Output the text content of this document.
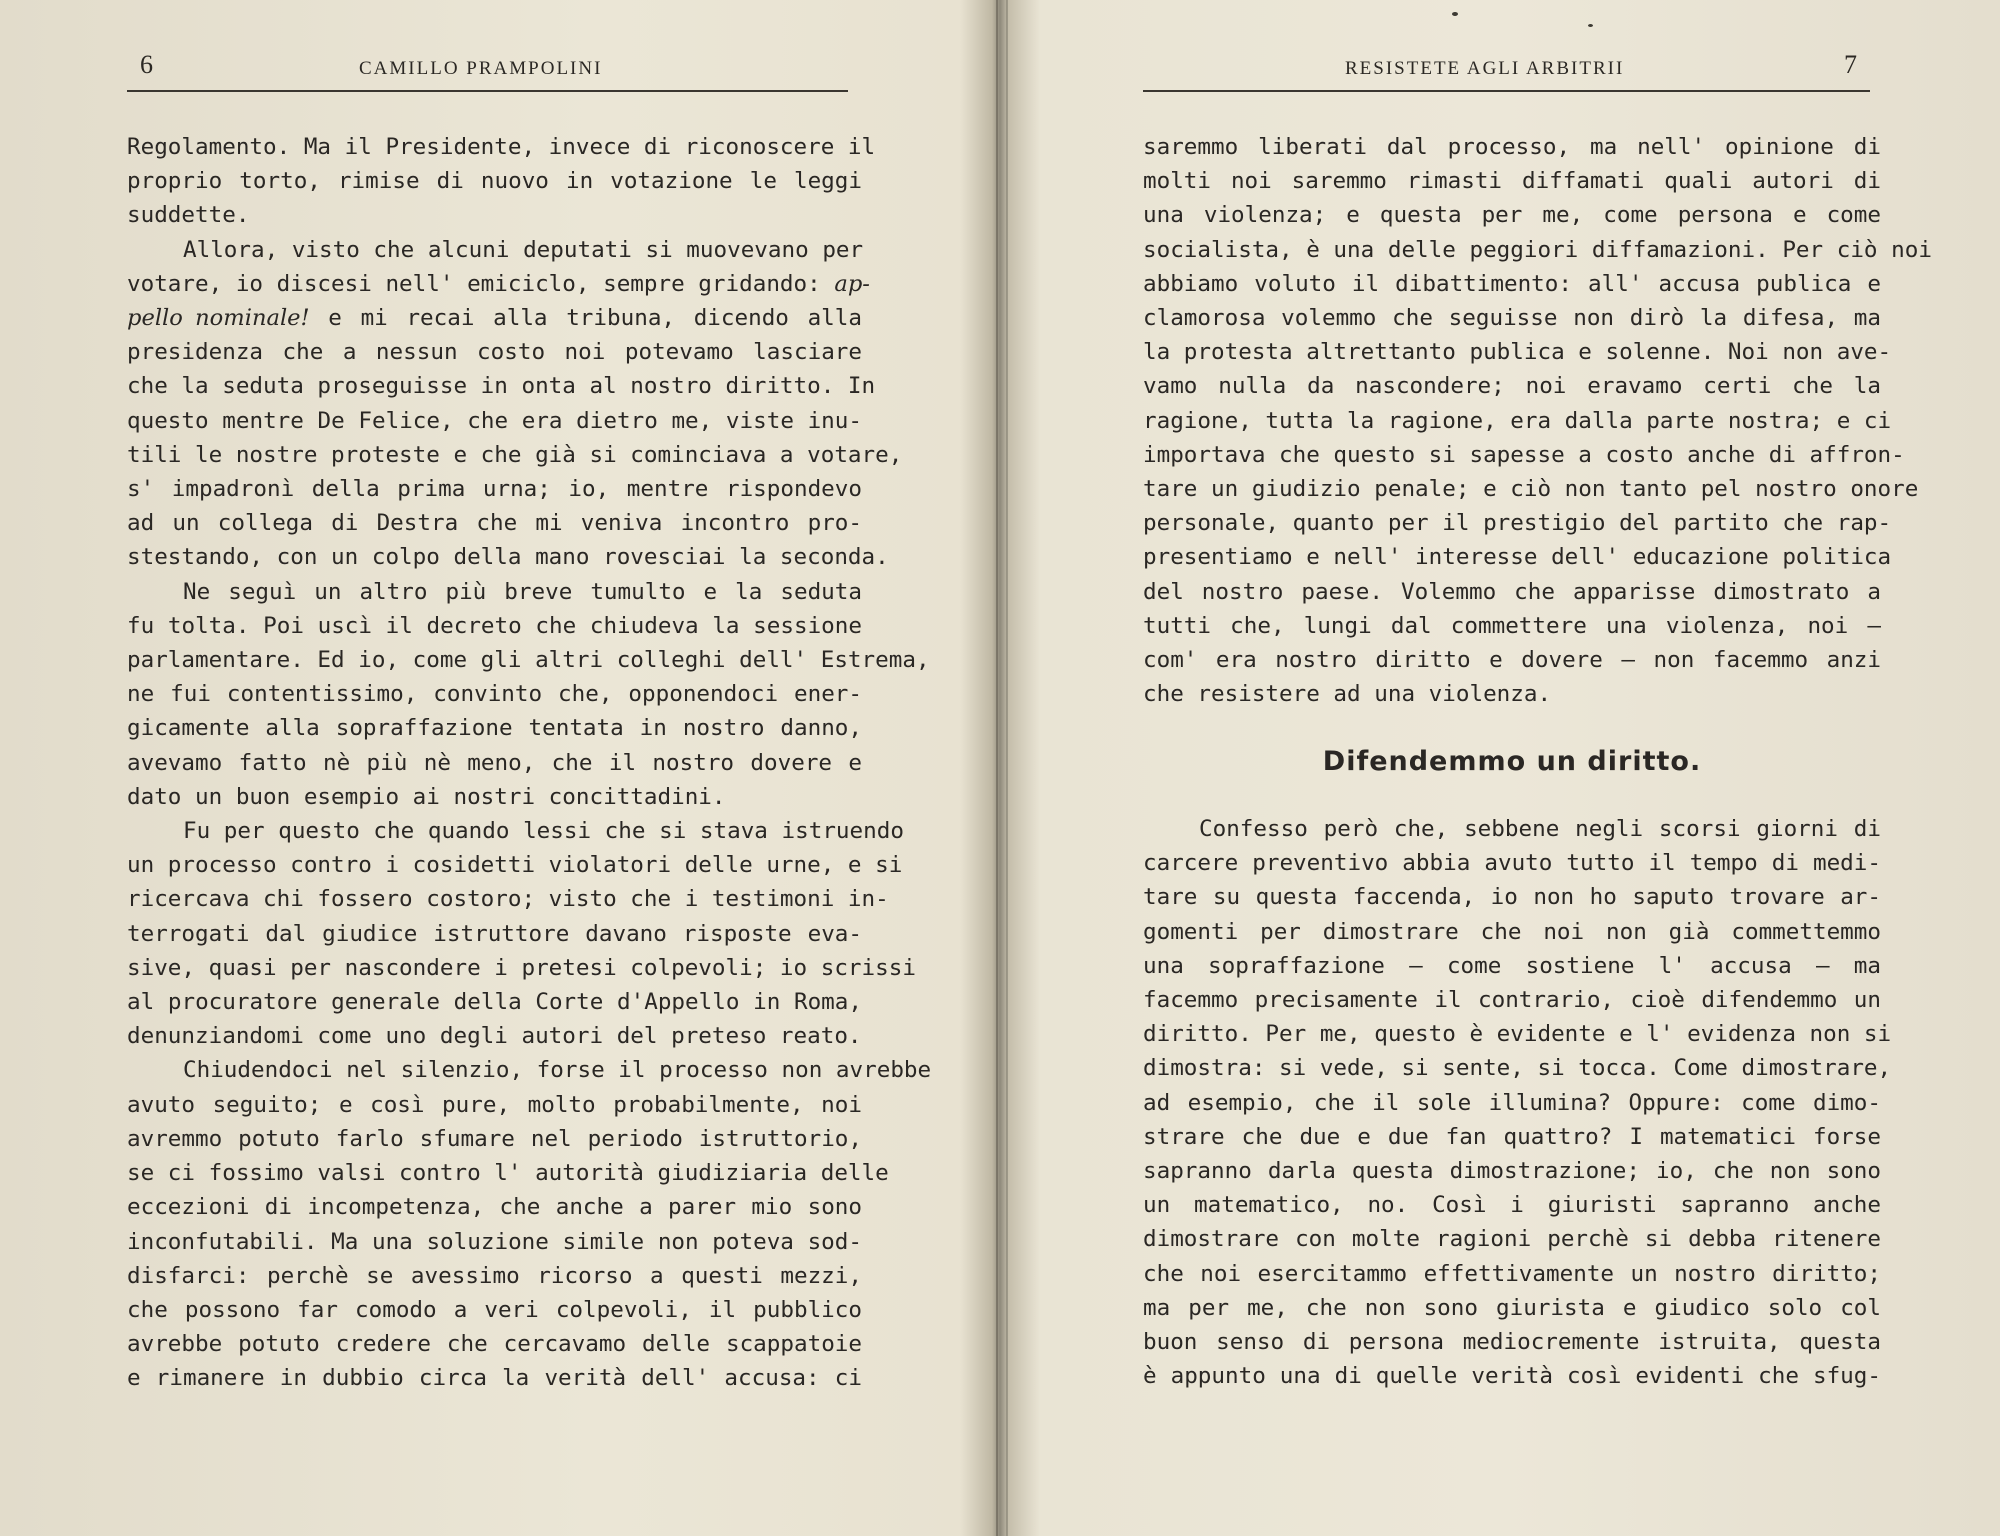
6	CAMILLO PRAMPOLINI

Regolamento. Ma il Presidente, invece di riconoscere il

proprio torto, rimise di nuovo in votazione le leggi

suddette.

Allora, visto che alcuni deputati si muovevano per

votare, io discesi nell' emiciclo, sempre gridando: ap-

pello nominale! e mi recai alla tribuna, dicendo alla

presidenza che a nessun costo noi potevamo lasciare

che la seduta proseguisse in onta al nostro diritto. In

questo mentre De Felice, che era dietro me, viste inu-

tili le nostre proteste e che già si cominciava a votare,

s' impadronì della prima urna; io, mentre rispondevo

ad un collega di Destra che mi veniva incontro pro-

stestando, con un colpo della mano rovesciai la seconda.

Ne seguì un altro più breve tumulto e la seduta

fu tolta. Poi uscì il decreto che chiudeva la sessione

parlamentare. Ed io, come gli altri colleghi dell' Estrema,

ne fui contentissimo, convinto che, opponendoci ener-

gicamente alla sopraffazione tentata in nostro danno,

avevamo fatto nè più nè meno, che il nostro dovere e

dato un buon esempio ai nostri concittadini.

Fu per questo che quando lessi che si stava istruendo

un processo contro i cosidetti violatori delle urne, e si

ricercava chi fossero costoro; visto che i testimoni in-

terrogati dal giudice istruttore davano risposte eva-

sive, quasi per nascondere i pretesi colpevoli; io scrissi

al procuratore generale della Corte d'Appello in Roma,

denunziandomi come uno degli autori del preteso reato.

Chiudendoci nel silenzio, forse il processo non avrebbe

avuto seguito; e così pure, molto probabilmente, noi

avremmo potuto farlo sfumare nel periodo istruttorio,

se ci fossimo valsi contro l' autorità giudiziaria delle

eccezioni di incompetenza, che anche a parer mio sono

inconfutabili. Ma una soluzione simile non poteva sod-

disfarci: perchè se avessimo ricorso a questi mezzi,

che possono far comodo a veri colpevoli, il pubblico

avrebbe potuto credere che cercavamo delle scappatoie

e rimanere in dubbio circa la verità dell' accusa: ci

RESISTETE AGLI ARBITRII	7

saremmo liberati dal processo, ma nell' opinione di

molti noi saremmo rimasti diffamati quali autori di

una violenza; e questa per me, come persona e come

socialista, è una delle peggiori diffamazioni. Per ciò noi

abbiamo voluto il dibattimento: all' accusa publica e

clamorosa volemmo che seguisse non dirò la difesa, ma

la protesta altrettanto publica e solenne. Noi non ave-

vamo nulla da nascondere; noi eravamo certi che la

ragione, tutta la ragione, era dalla parte nostra; e ci

importava che questo si sapesse a costo anche di affron-

tare un giudizio penale; e ciò non tanto pel nostro onore

personale, quanto per il prestigio del partito che rap-

presentiamo e nell' interesse dell' educazione politica

del nostro paese. Volemmo che apparisse dimostrato a

tutti che, lungi dal commettere una violenza, noi —

com' era nostro diritto e dovere — non facemmo anzi

che resistere ad una violenza.

Difendemmo un diritto.

Confesso però che, sebbene negli scorsi giorni di

carcere preventivo abbia avuto tutto il tempo di medi-

tare su questa faccenda, io non ho saputo trovare ar-

gomenti per dimostrare che noi non già commettemmo

una sopraffazione — come sostiene l' accusa — ma

facemmo precisamente il contrario, cioè difendemmo un

diritto. Per me, questo è evidente e l' evidenza non si

dimostra: si vede, si sente, si tocca. Come dimostrare,

ad esempio, che il sole illumina? Oppure: come dimo-

strare che due e due fan quattro? I matematici forse

sapranno darla questa dimostrazione; io, che non sono

un matematico, no. Così i giuristi sapranno anche

dimostrare con molte ragioni perchè si debba ritenere

che noi esercitammo effettivamente un nostro diritto;

ma per me, che non sono giurista e giudico solo col

buon senso di persona mediocremente istruita, questa

è appunto una di quelle verità così evidenti che sfug-
